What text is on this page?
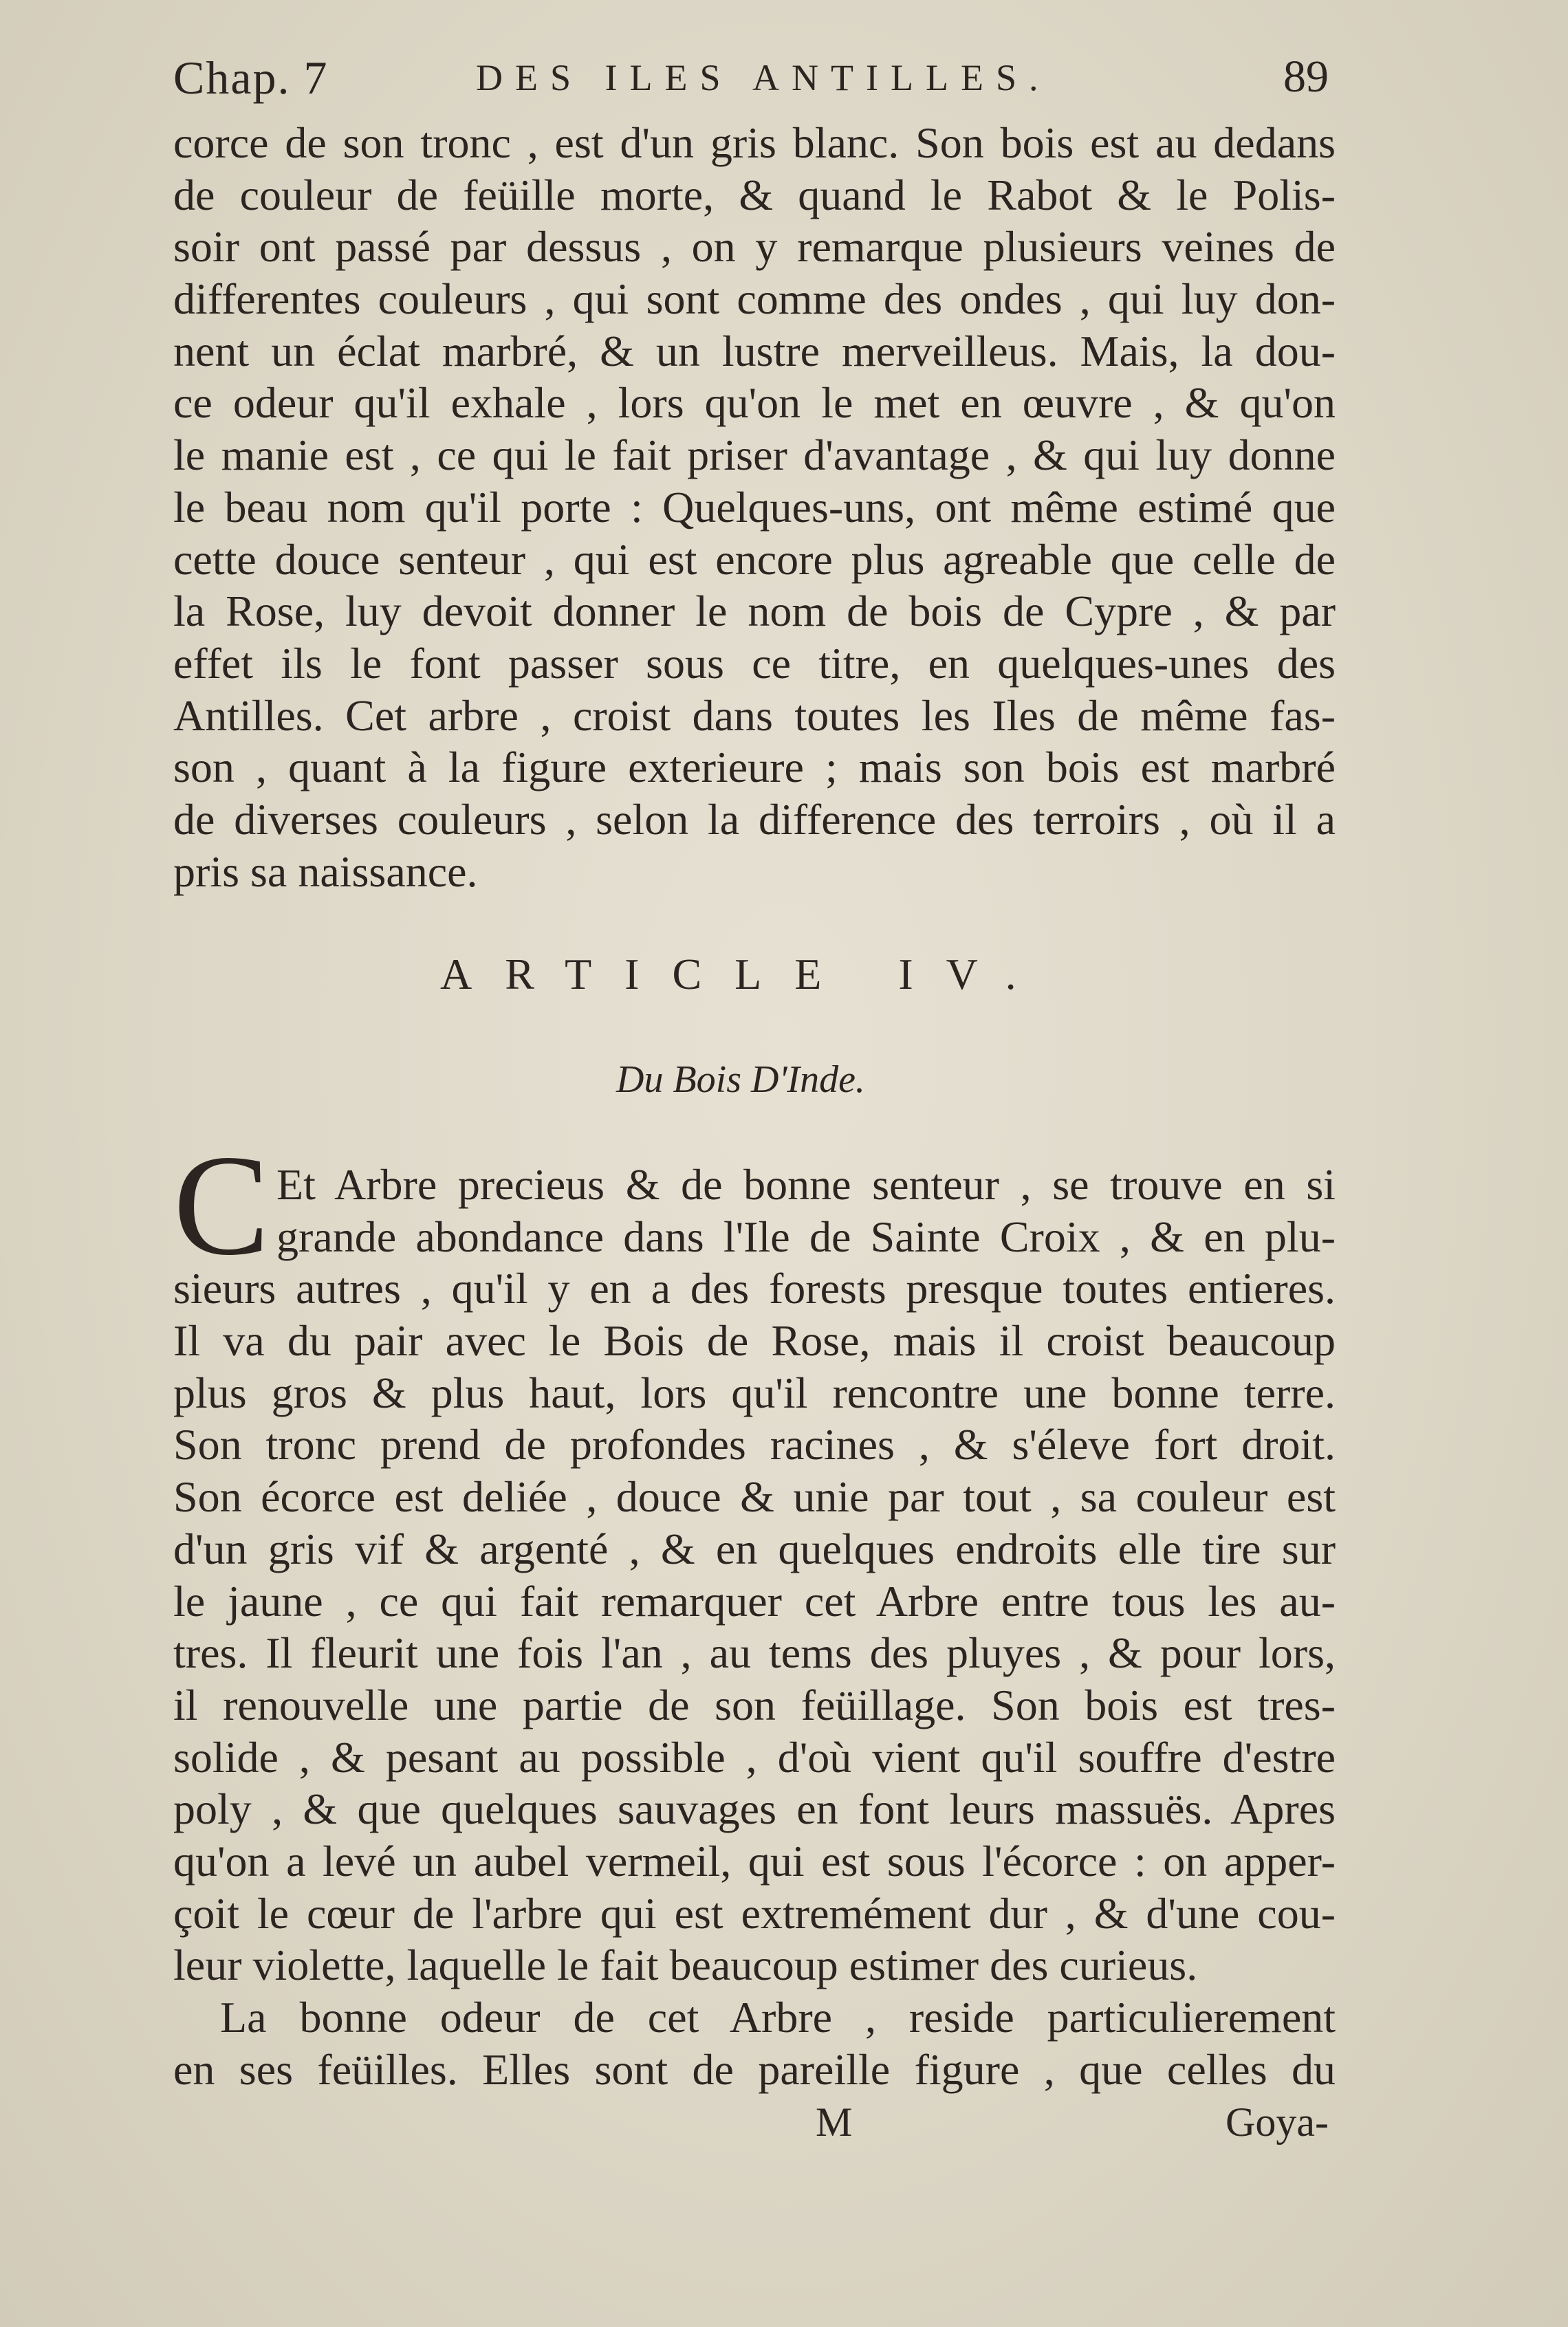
Chap. 7	DES ILES ANTILLES.	89
corce de son tronc , est d'un gris blanc. Son bois est au dedans
de couleur de feüille morte, & quand le Rabot & le Polis-
soir ont passé par dessus , on y remarque plusieurs veines de
differentes couleurs , qui sont comme des ondes , qui luy don-
nent un éclat marbré, & un lustre merveilleus. Mais, la dou-
ce odeur qu'il exhale , lors qu'on le met en œuvre , & qu'on
le manie est , ce qui le fait priser d'avantage , & qui luy donne
le beau nom qu'il porte : Quelques-uns, ont même estimé que
cette douce senteur , qui est encore plus agreable que celle de
la Rose, luy devoit donner le nom de bois de Cypre , & par
effet ils le font passer sous ce titre, en quelques-unes des
Antilles. Cet arbre , croist dans toutes les Iles de même fas-
son , quant à la figure exterieure ; mais son bois est marbré
de diverses couleurs , selon la difference des terroirs , où il a
pris sa naissance.
ARTICLE IV.
Du Bois D'Inde.
C Et Arbre precieus & de bonne senteur , se trouve en si
grande abondance dans l'Ile de Sainte Croix , & en plu-
sieurs autres , qu'il y en a des forests presque toutes entieres.
Il va du pair avec le Bois de Rose, mais il croist beaucoup
plus gros & plus haut, lors qu'il rencontre une bonne terre.
Son tronc prend de profondes racines , & s'éleve fort droit.
Son écorce est deliée , douce & unie par tout , sa couleur est
d'un gris vif & argenté , & en quelques endroits elle tire sur
le jaune , ce qui fait remarquer cet Arbre entre tous les au-
tres. Il fleurit une fois l'an , au tems des pluyes , & pour lors,
il renouvelle une partie de son feüillage. Son bois est tres-
solide , & pesant au possible , d'où vient qu'il souffre d'estre
poly , & que quelques sauvages en font leurs massuës. Apres
qu'on a levé un aubel vermeil, qui est sous l'écorce : on apper-
çoit le cœur de l'arbre qui est extremément dur , & d'une cou-
leur violette, laquelle le fait beaucoup estimer des curieus.
La bonne odeur de cet Arbre , reside particulierement
en ses feüilles. Elles sont de pareille figure , que celles du
M	Goya-
